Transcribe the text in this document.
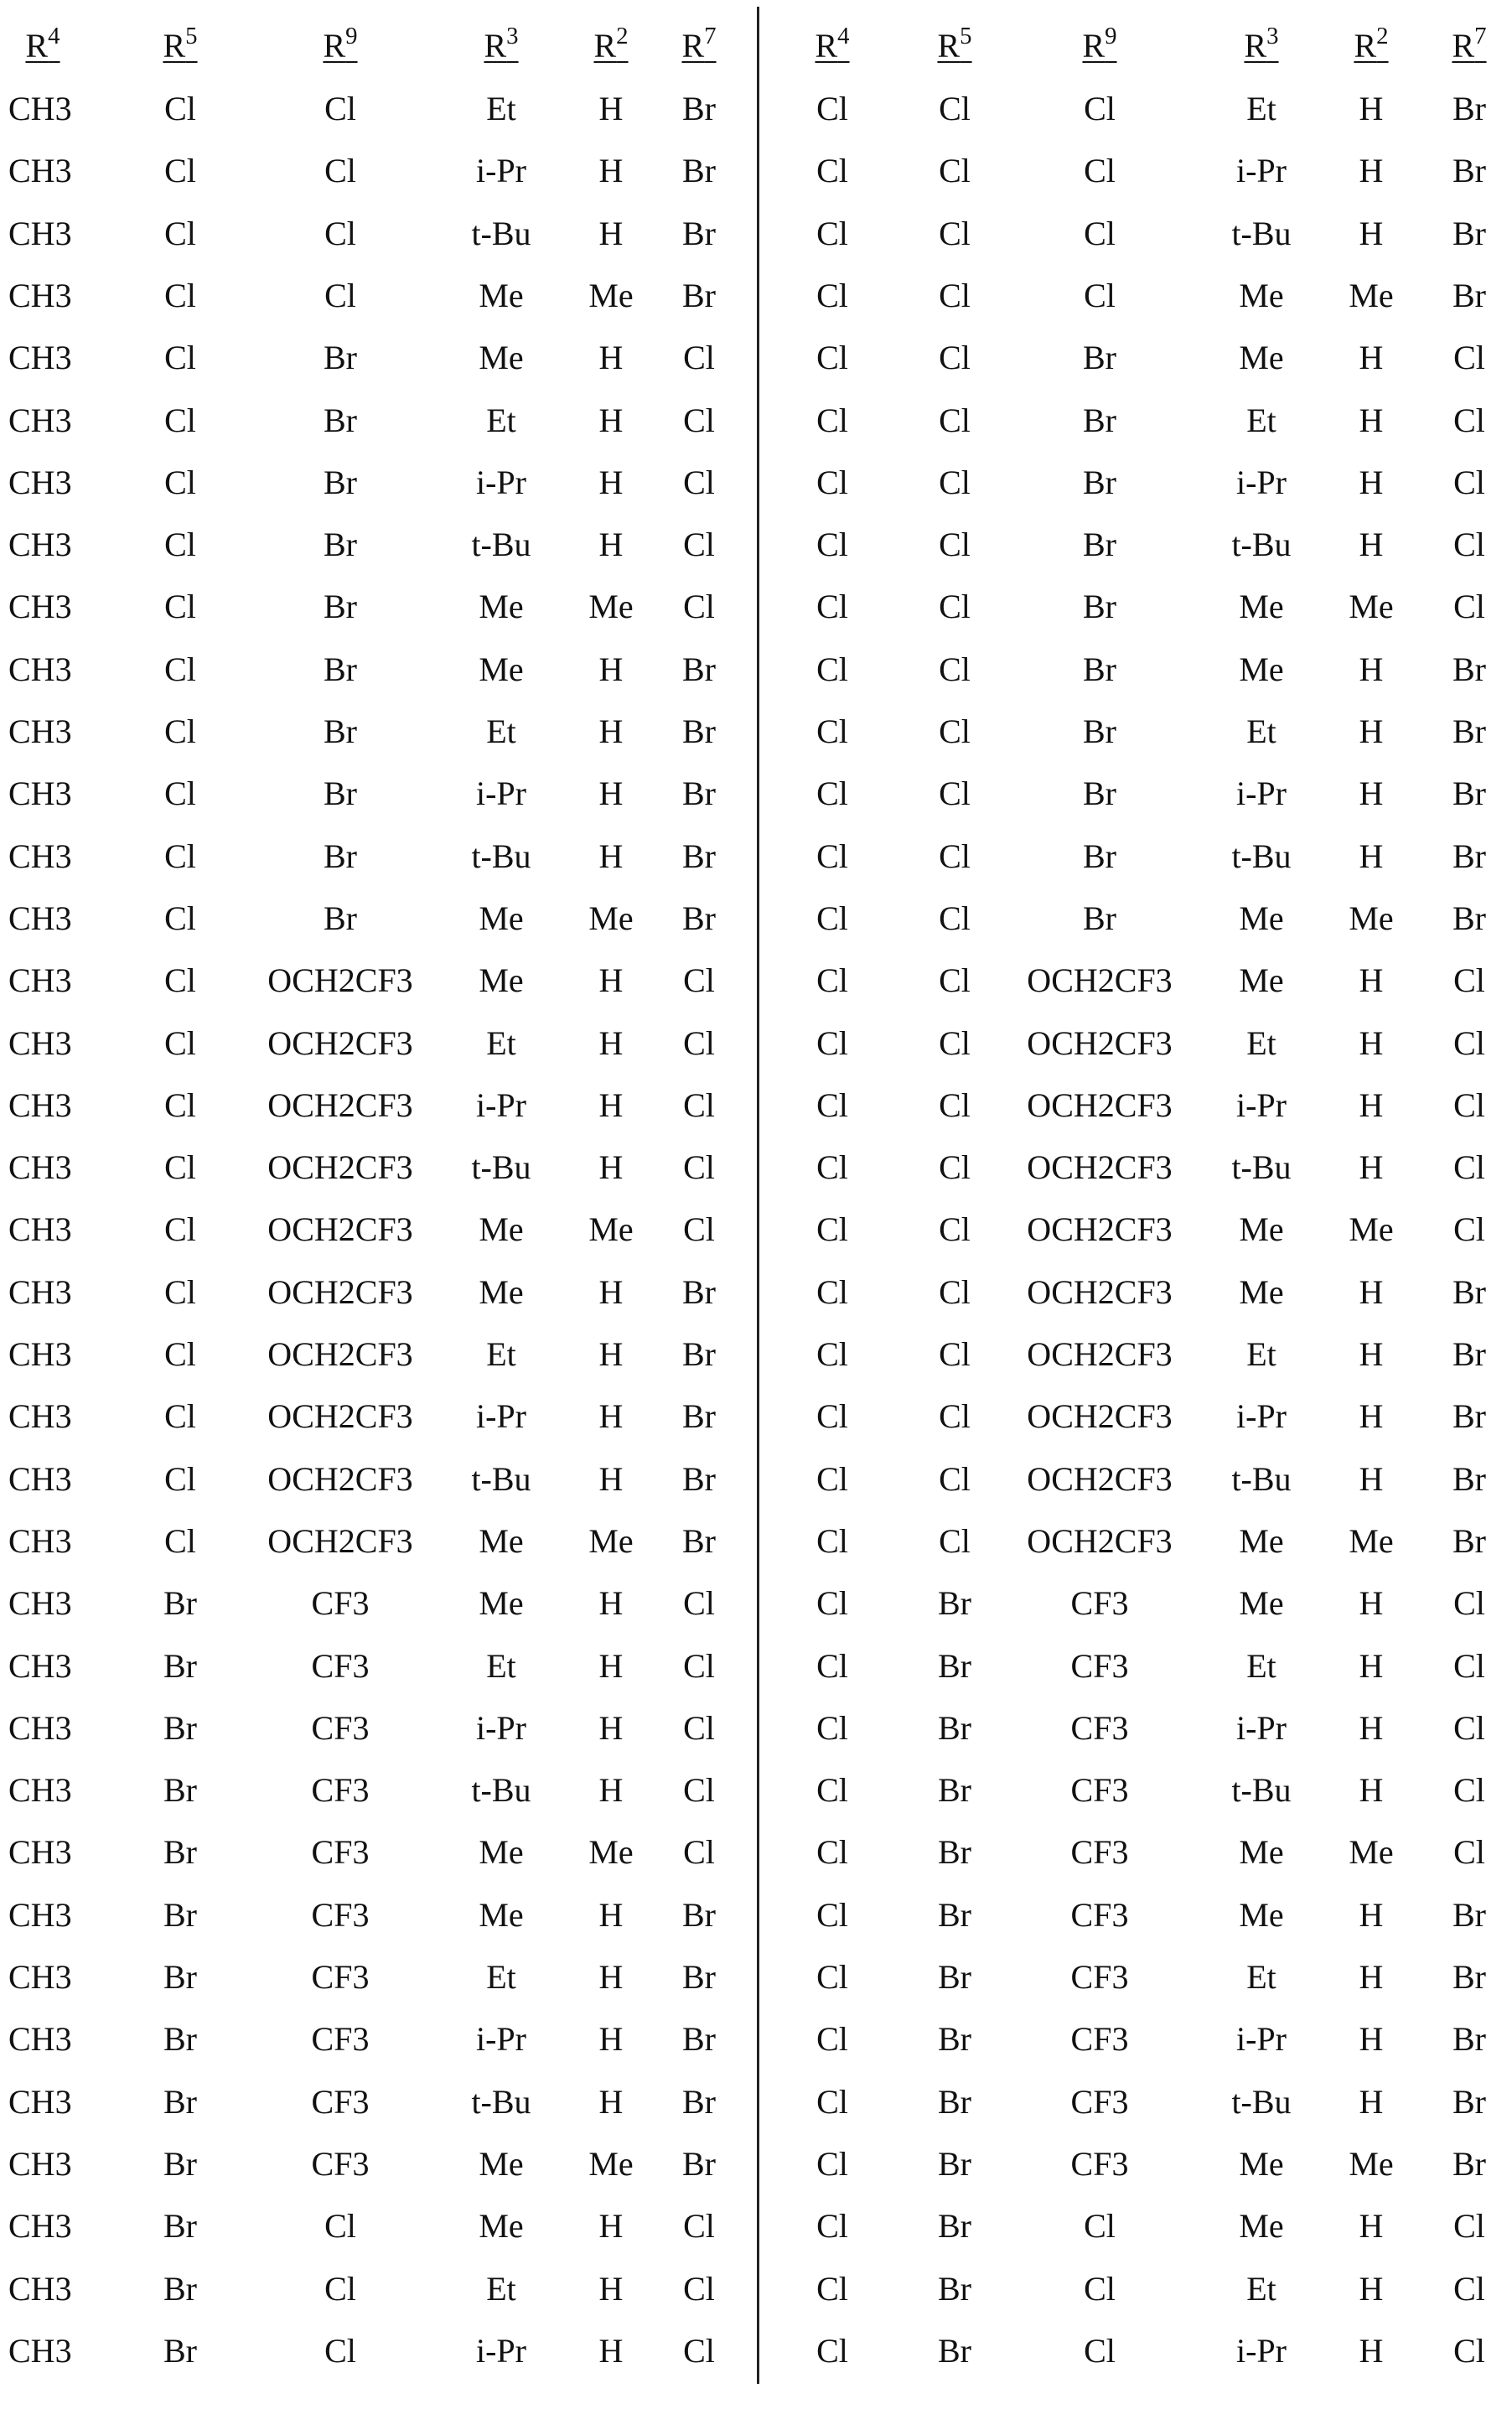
R4	R5	R9	R3 R2 R7
CH3	Cl	Cl	Et H Br
CH3	Cl	Cl	i-Pr H Br
CH3	Cl	Cl	t-Bu H Br
CH3	Cl	Cl	Me Me Br
CH3	Cl	Br	Me H Cl
CH3	Cl	Br	Et H Cl
CH3	Cl	Br	i-Pr H Cl
CH3	Cl	Br	t-Bu H Cl
CH3	Cl	Br	Me Me Cl
CH3	Cl	Br	Me H Br
CH3	Cl	Br	Et H Br
CH3	Cl	Br	i-Pr H Br
CH3	Cl	Br	t-Bu H Br
CH3	Cl	Br	Me Me Br
CH3	Cl OCH2CF3 Me H Cl
CH3	Cl OCH2CF3 Et H Cl
CH3	Cl OCH2CF3 i-Pr H Cl
CH3	Cl OCH2CF3 t-Bu H Cl
CH3	Cl OCH2CF3 Me Me Cl
CH3	Cl OCH2CF3 Me H Br
CH3	Cl OCH2CF3 Et H Br
CH3	Cl OCH2CF3 i-Pr H Br
CH3	Cl OCH2CF3 t-Bu H Br
CH3	Cl OCH2CF3 Me Me Br
CH3	Br	CF3	Me H Cl
CH3	Br	CF3	Et H Cl
CH3	Br	CF3	i-Pr H Cl
CH3	Br	CF3	t-Bu H Cl
CH3	Br	CF3	Me Me Cl
CH3	Br	CF3	Me H Br
CH3	Br	CF3	Et H Br
CH3	Br	CF3	i-Pr H Br
CH3	Br	CF3	t-Bu H Br
CH3	Br	CF3	Me Me Br
CH3	Br	Cl	Me H Cl
CH3	Br	Cl	Et H Cl
CH3	Br	Cl	i-Pr H Cl
R4	R5	R9	R3 R2 R7
Cl	Cl	Cl	Et H Br
Cl	Cl	Cl	i-Pr H Br
Cl	Cl	Cl	t-Bu H Br
Cl	Cl	Cl	Me Me Br
Cl	Cl	Br	Me H Cl
Cl	Cl	Br	Et H Cl
Cl	Cl	Br	i-Pr H Cl
Cl	Cl	Br	t-Bu H Cl
Cl	Cl	Br	Me Me Cl
Cl	Cl	Br	Me H Br
Cl	Cl	Br	Et H Br
Cl	Cl	Br	i-Pr H Br
Cl	Cl	Br	t-Bu H Br
Cl	Cl	Br	Me Me Br
Cl	Cl OCH2CF3 Me H Cl
Cl	Cl OCH2CF3 Et H Cl
Cl	Cl OCH2CF3 i-Pr H Cl
Cl	Cl OCH2CF3 t-Bu H Cl
Cl	Cl OCH2CF3 Me Me Cl
Cl	Cl OCH2CF3 Me H Br
Cl	Cl OCH2CF3 Et H Br
Cl	Cl OCH2CF3 i-Pr H Br
Cl	Cl OCH2CF3 t-Bu H Br
Cl	Cl OCH2CF3 Me Me Br
Cl	Br	CF3	Me H Cl
Cl	Br	CF3	Et H Cl
Cl	Br	CF3	i-Pr H Cl
Cl	Br	CF3	t-Bu H Cl
Cl	Br	CF3	Me Me Cl
Cl	Br	CF3	Me H Br
Cl	Br	CF3	Et H Br
Cl	Br	CF3	i-Pr H Br
Cl	Br	CF3	t-Bu H Br
Cl	Br	CF3	Me Me Br
Cl	Br	Cl	Me H Cl
Cl	Br	Cl	Et H Cl
Cl	Br	Cl	i-Pr H Cl
